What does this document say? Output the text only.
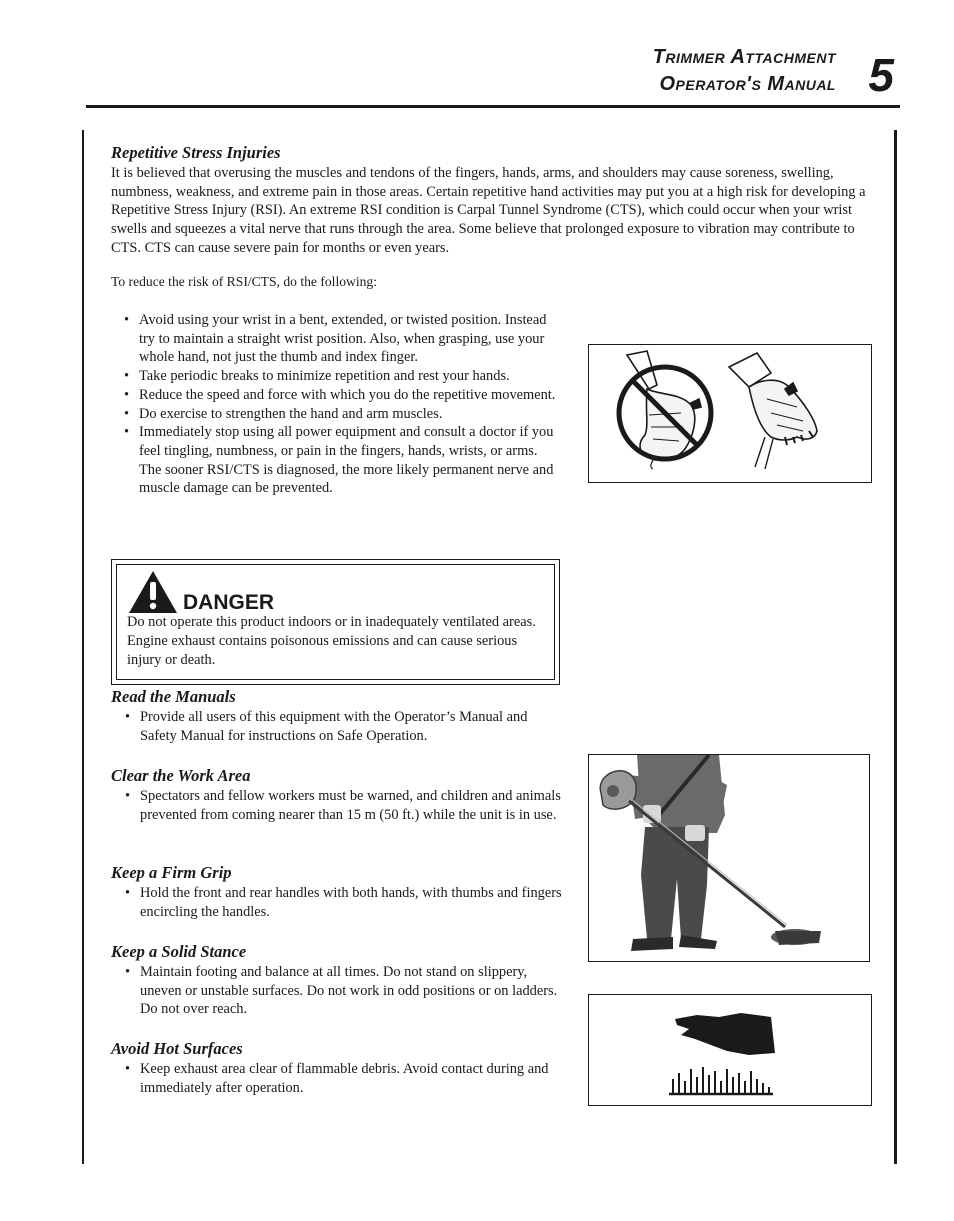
Trimmer Attachment
Operator's Manual 5
Repetitive Stress Injuries

It is believed that overusing the muscles and tendons of the fingers, hands, arms, and shoulders may cause soreness, swelling, numbness, weakness, and extreme pain in those areas. Certain repetitive hand activities may put you at a high risk for developing a Repetitive Stress Injury (RSI). An extreme RSI condition is Carpal Tunnel Syndrome (CTS), which could occur when your wrist swells and squeezes a vital nerve that runs through the area. Some believe that prolonged exposure to vibration may contribute to CTS. CTS can cause severe pain for months or even years.

To reduce the risk of RSI/CTS, do the following:

• Avoid using your wrist in a bent, extended, or twisted position. Instead try to maintain a straight wrist position. Also, when grasping, use your whole hand, not just the thumb and index finger.
• Take periodic breaks to minimize repetition and rest your hands.
• Reduce the speed and force with which you do the repetitive movement.
• Do exercise to strengthen the hand and arm muscles.
• Immediately stop using all power equipment and consult a doctor if you feel tingling, numbness, or pain in the fingers, hands, wrists, or arms. The sooner RSI/CTS is diagnosed, the more likely permanent nerve and muscle damage can be prevented.
DANGER

Do not operate this product indoors or in inadequately ventilated areas. Engine exhaust contains poisonous emissions and can cause serious injury or death.

Read the Manuals
• Provide all users of this equipment with the Operator’s Manual and Safety Manual for instructions on Safe Operation.
Clear the Work Area
• Spectators and fellow workers must be warned, and children and animals prevented from coming nearer than 15 m (50 ft.) while the unit is in use.
Keep a Firm Grip
• Hold the front and rear handles with both hands, with thumbs and fingers encircling the handles.
Keep a Solid Stance
• Maintain footing and balance at all times. Do not stand on slippery, uneven or unstable surfaces. Do not work in odd positions or on ladders. Do not over reach.
Avoid Hot Surfaces
• Keep exhaust area clear of flammable debris. Avoid contact during and immediately after operation.
